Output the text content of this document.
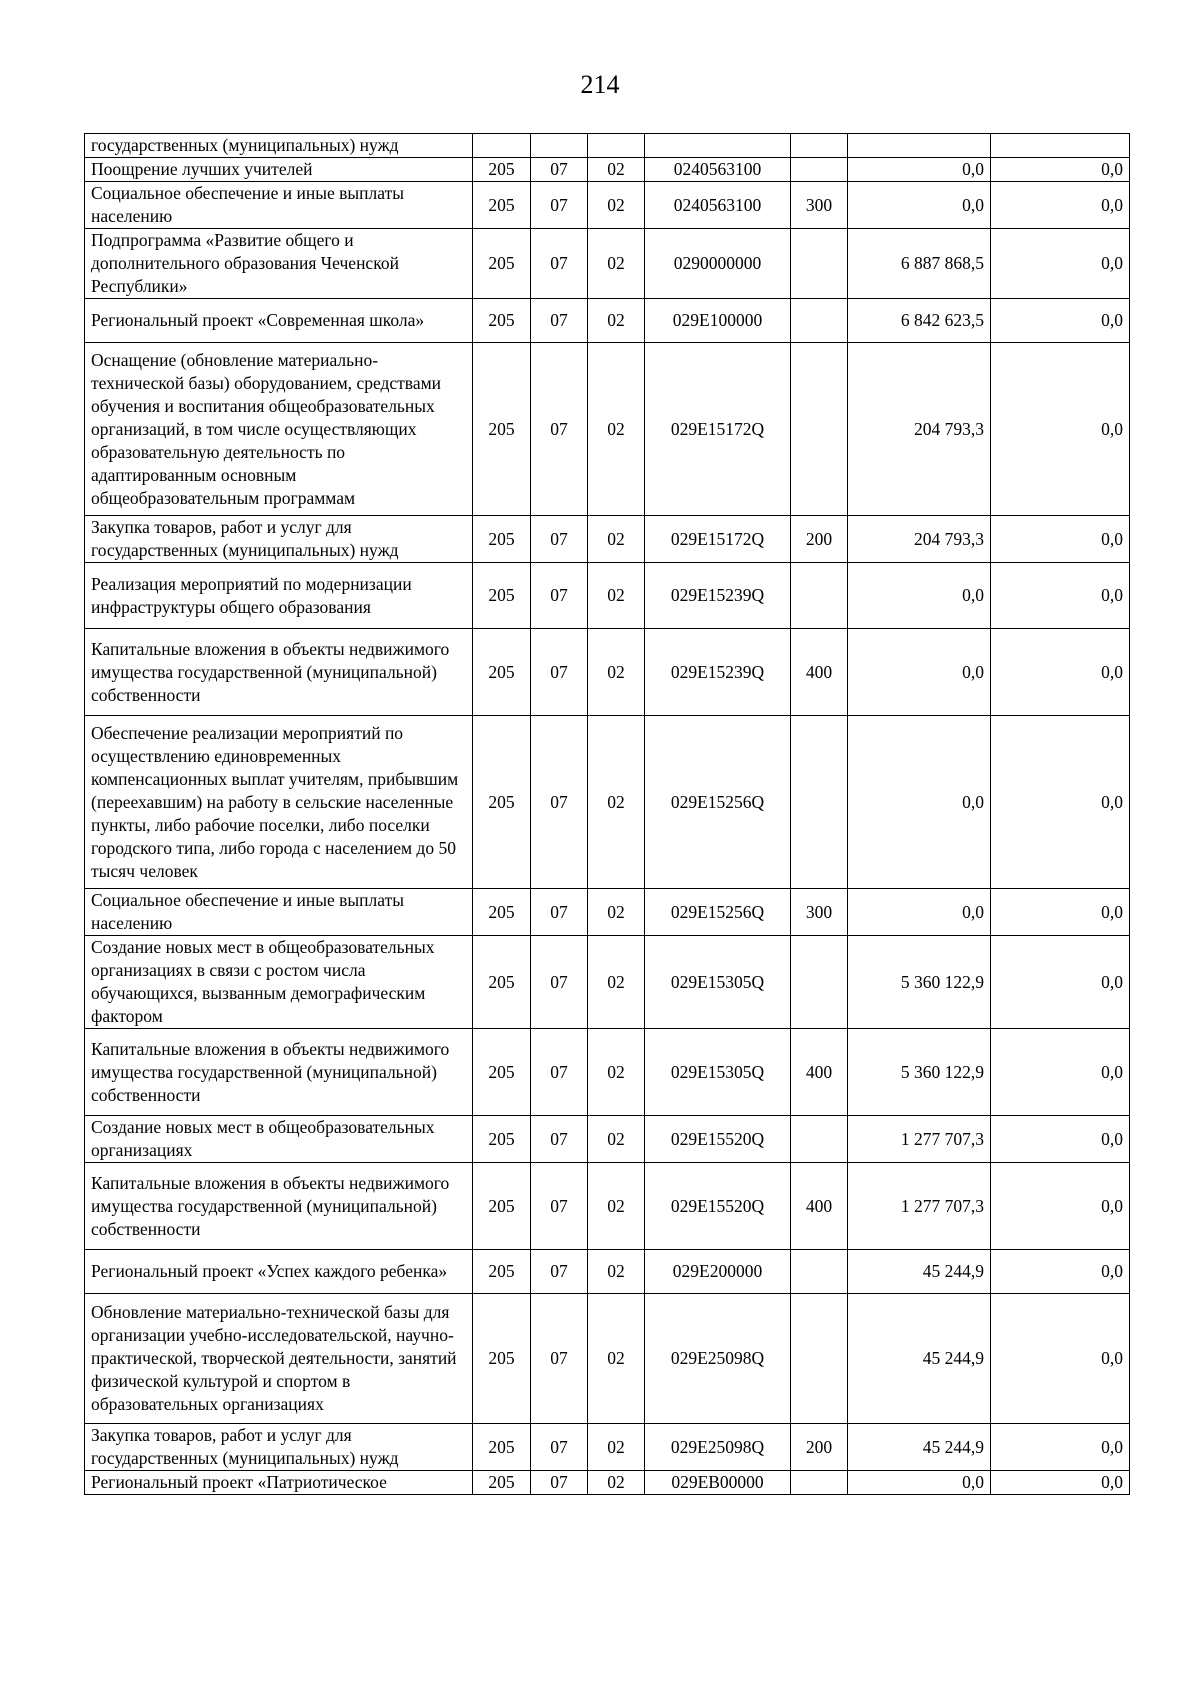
214
государственных (муниципальных) нужд							
Поощрение лучших учителей	205	07	02	0240563100		0,0	0,0
Социальное обеспечение и иные выплаты населению	205	07	02	0240563100	300	0,0	0,0
Подпрограмма «Развитие общего и дополнительного образования Чеченской Республики»	205	07	02	0290000000		6 887 868,5	0,0
Региональный проект «Современная школа»	205	07	02	029E100000		6 842 623,5	0,0
Оснащение (обновление материально-технической базы) оборудованием, средствами обучения и воспитания общеобразовательных организаций, в том числе осуществляющих образовательную деятельность по адаптированным основным общеобразовательным программам	205	07	02	029E15172Q		204 793,3	0,0
Закупка товаров, работ и услуг для государственных (муниципальных) нужд	205	07	02	029E15172Q	200	204 793,3	0,0
Реализация мероприятий по модернизации инфраструктуры общего образования	205	07	02	029E15239Q		0,0	0,0
Капитальные вложения в объекты недвижимого имущества государственной (муниципальной) собственности	205	07	02	029E15239Q	400	0,0	0,0
Обеспечение реализации мероприятий по осуществлению единовременных компенсационных выплат учителям, прибывшим (переехавшим) на работу в сельские населенные пункты, либо рабочие поселки, либо поселки городского типа, либо города с населением до 50 тысяч человек	205	07	02	029E15256Q		0,0	0,0
Социальное обеспечение и иные выплаты населению	205	07	02	029E15256Q	300	0,0	0,0
Создание новых мест в общеобразовательных организациях в связи с ростом числа обучающихся, вызванным демографическим фактором	205	07	02	029E15305Q		5 360 122,9	0,0
Капитальные вложения в объекты недвижимого имущества государственной (муниципальной) собственности	205	07	02	029E15305Q	400	5 360 122,9	0,0
Создание новых мест в общеобразовательных организациях	205	07	02	029E15520Q		1 277 707,3	0,0
Капитальные вложения в объекты недвижимого имущества государственной (муниципальной) собственности	205	07	02	029E15520Q	400	1 277 707,3	0,0
Региональный проект «Успех каждого ребенка»	205	07	02	029E200000		45 244,9	0,0
Обновление материально-технической базы для организации учебно-исследовательской, научно-практической, творческой деятельности, занятий физической культурой и спортом в образовательных организациях	205	07	02	029E25098Q		45 244,9	0,0
Закупка товаров, работ и услуг для государственных (муниципальных) нужд	205	07	02	029E25098Q	200	45 244,9	0,0
Региональный проект «Патриотическое	205	07	02	029EB00000		0,0	0,0
